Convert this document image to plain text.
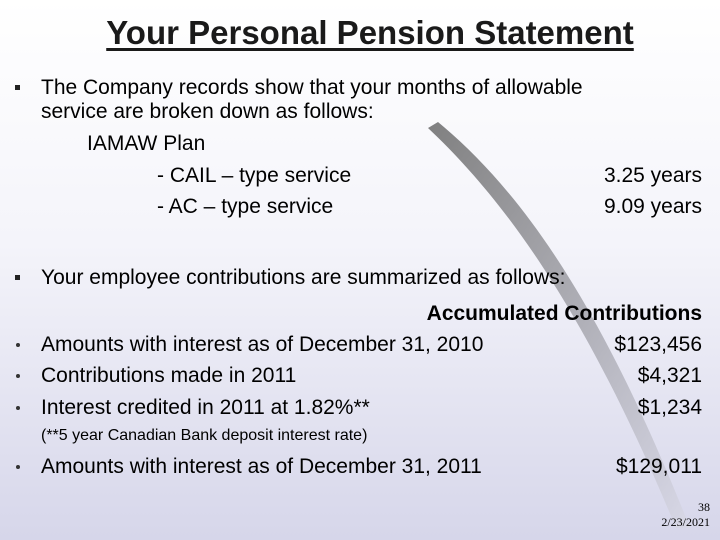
Your Personal Pension Statement
The Company records show that your months of allowable
service are broken down as follows:
IAMAW Plan
- CAIL – type service	3.25 years
- AC – type service	9.09 years
Your employee contributions are summarized as follows:
Accumulated Contributions
Amounts with interest as of December 31, 2010	$123,456
Contributions made in 2011	$4,321
Interest credited in 2011 at 1.82%**	$1,234
(**5 year Canadian Bank deposit interest rate)
Amounts with interest as of December 31, 2011	$129,011
38
2/23/2021
